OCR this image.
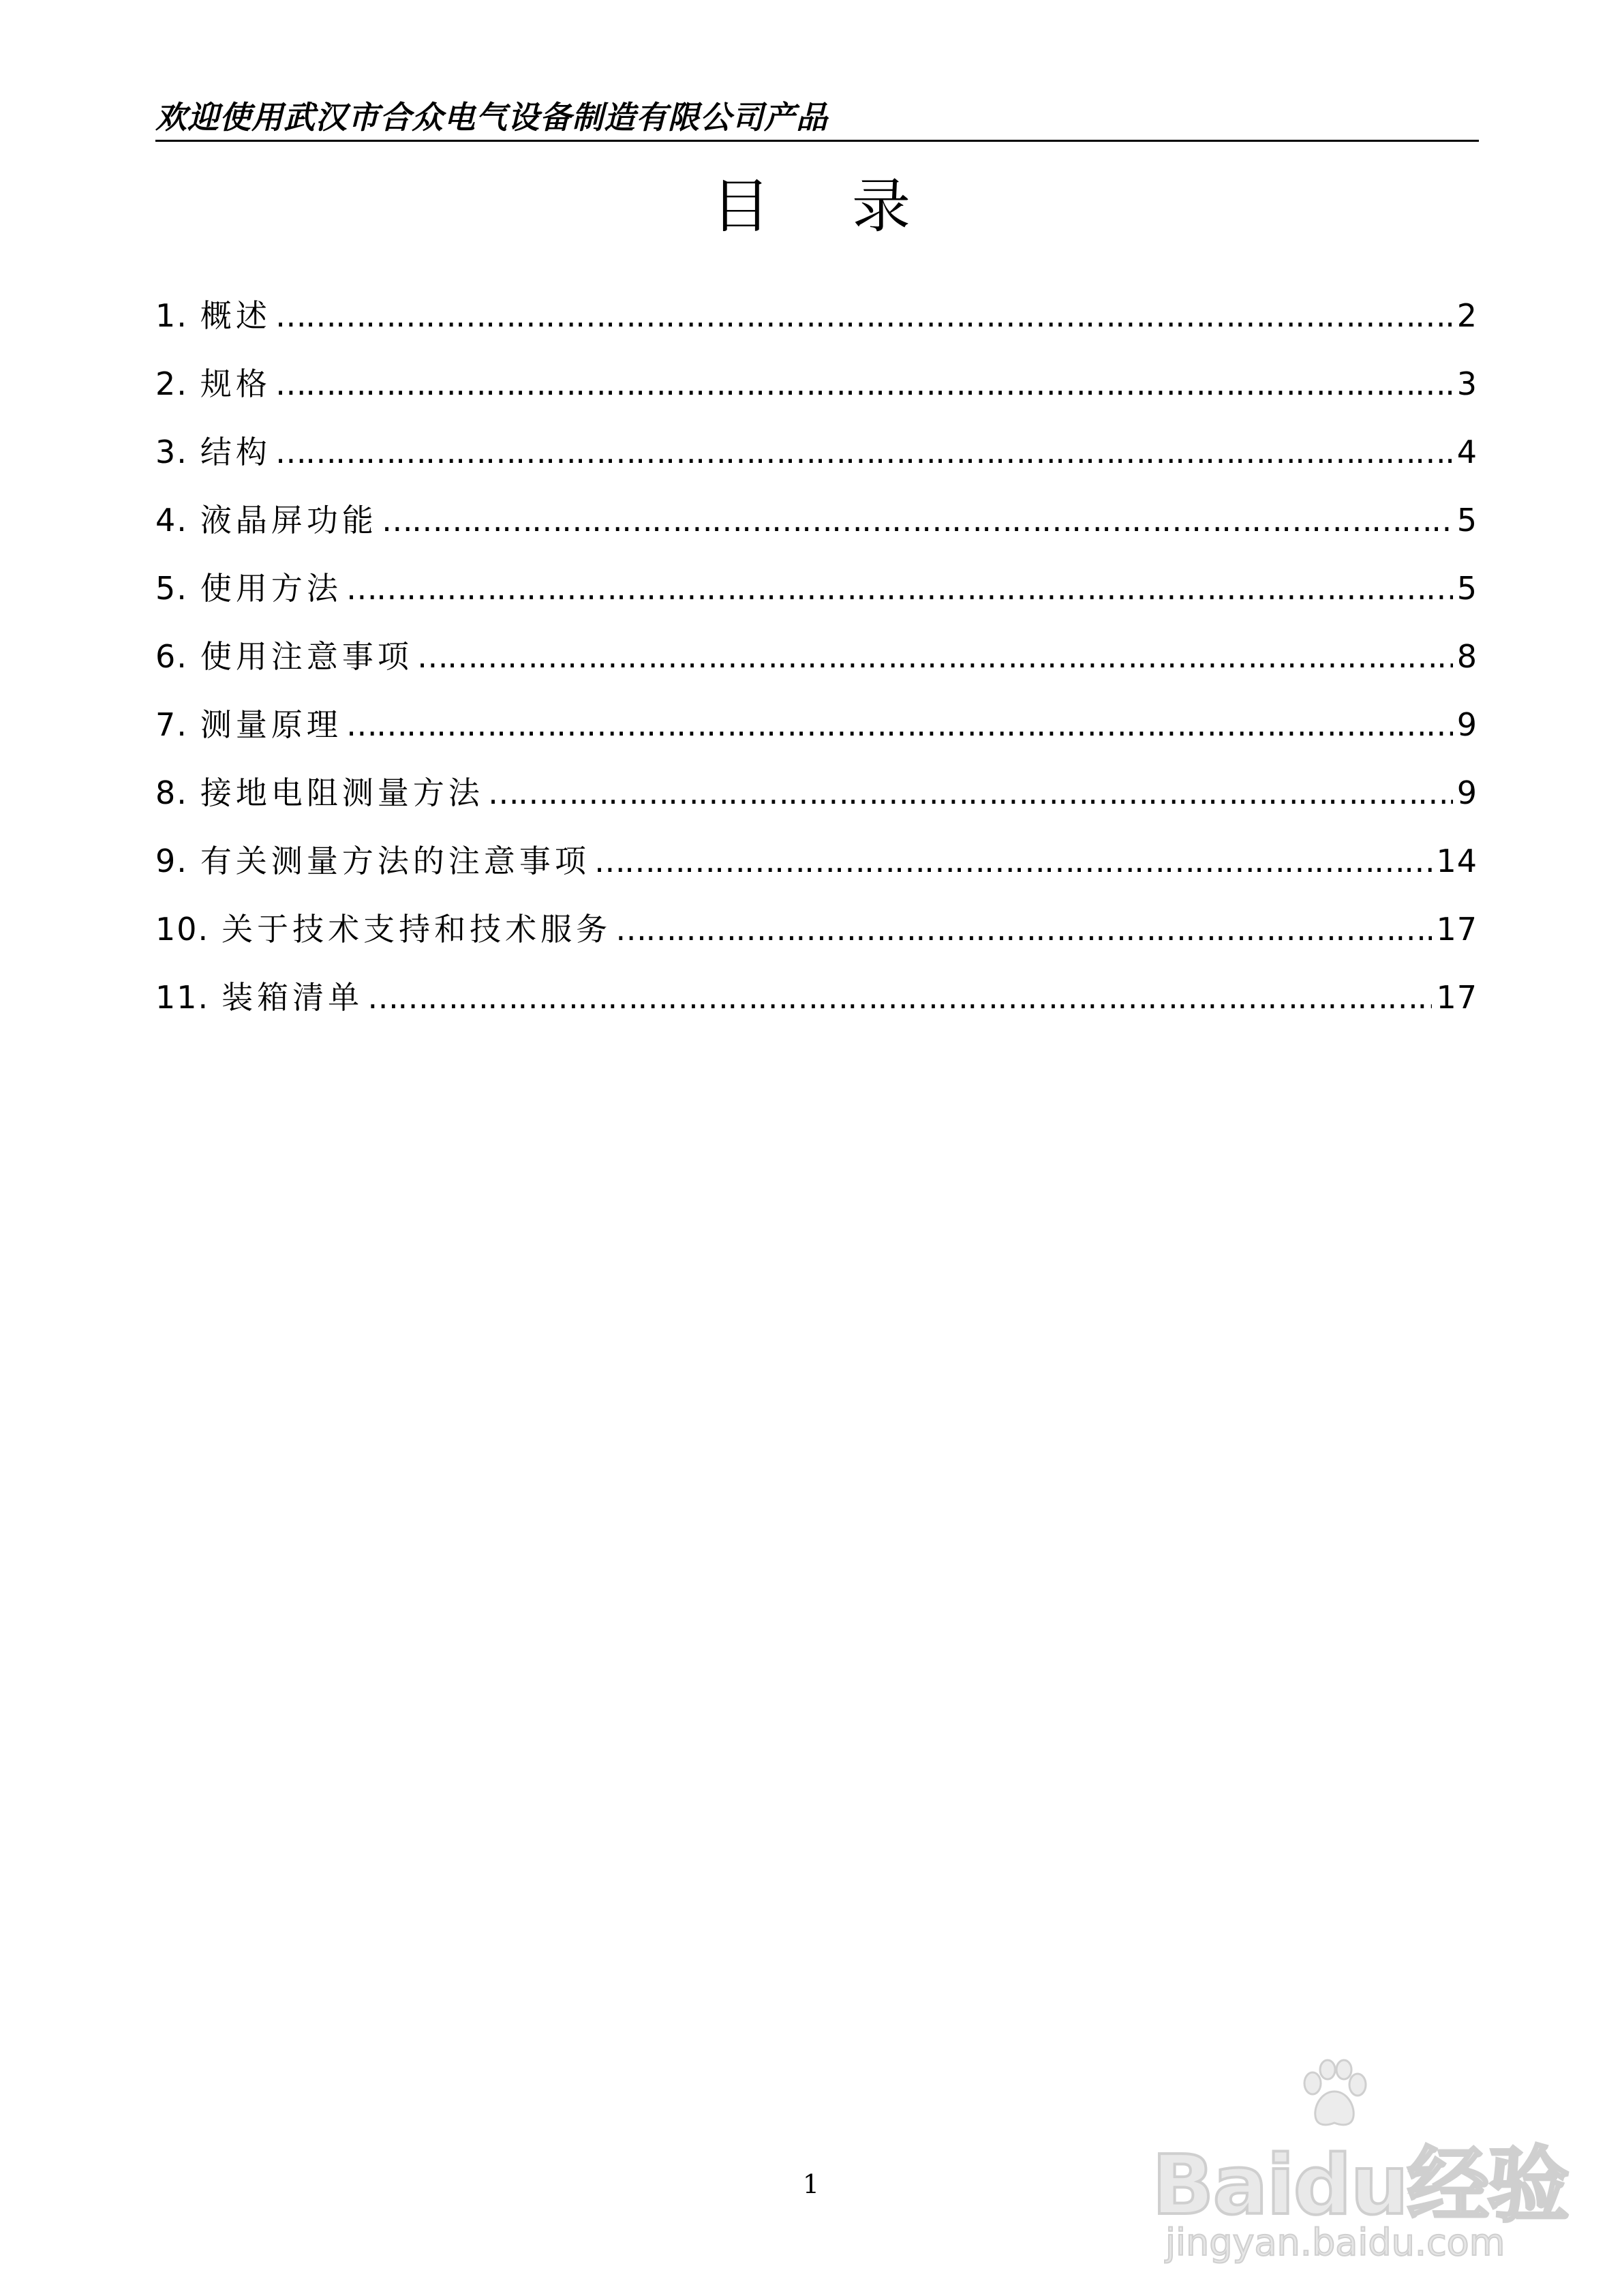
欢迎使用武汉市合众电气设备制造有限公司产品
目录
1. 概述 …………………………………………………………………………………………………………………………………………………………………………………………………………	2
2. 规格 …………………………………………………………………………………………………………………………………………………………………………………………………………	3
3. 结构 …………………………………………………………………………………………………………………………………………………………………………………………………………	4
4. 液晶屏功能 …………………………………………………………………………………………………………………………………………………………………………………………………………	5
5. 使用方法 …………………………………………………………………………………………………………………………………………………………………………………………………………	5
6. 使用注意事项 …………………………………………………………………………………………………………………………………………………………………………………………………………	8
7. 测量原理 …………………………………………………………………………………………………………………………………………………………………………………………………………	9
8. 接地电阻测量方法 …………………………………………………………………………………………………………………………………………………………………………………………………………	9
9. 有关测量方法的注意事项 …………………………………………………………………………………………………………………………………………………………………………………………………………	14
10. 关于技术支持和技术服务 …………………………………………………………………………………………………………………………………………………………………………………………………………	17
11. 装箱清单 …………………………………………………………………………………………………………………………………………………………………………………………………………	17
1	Baidu经验
jingyan.baidu.com
